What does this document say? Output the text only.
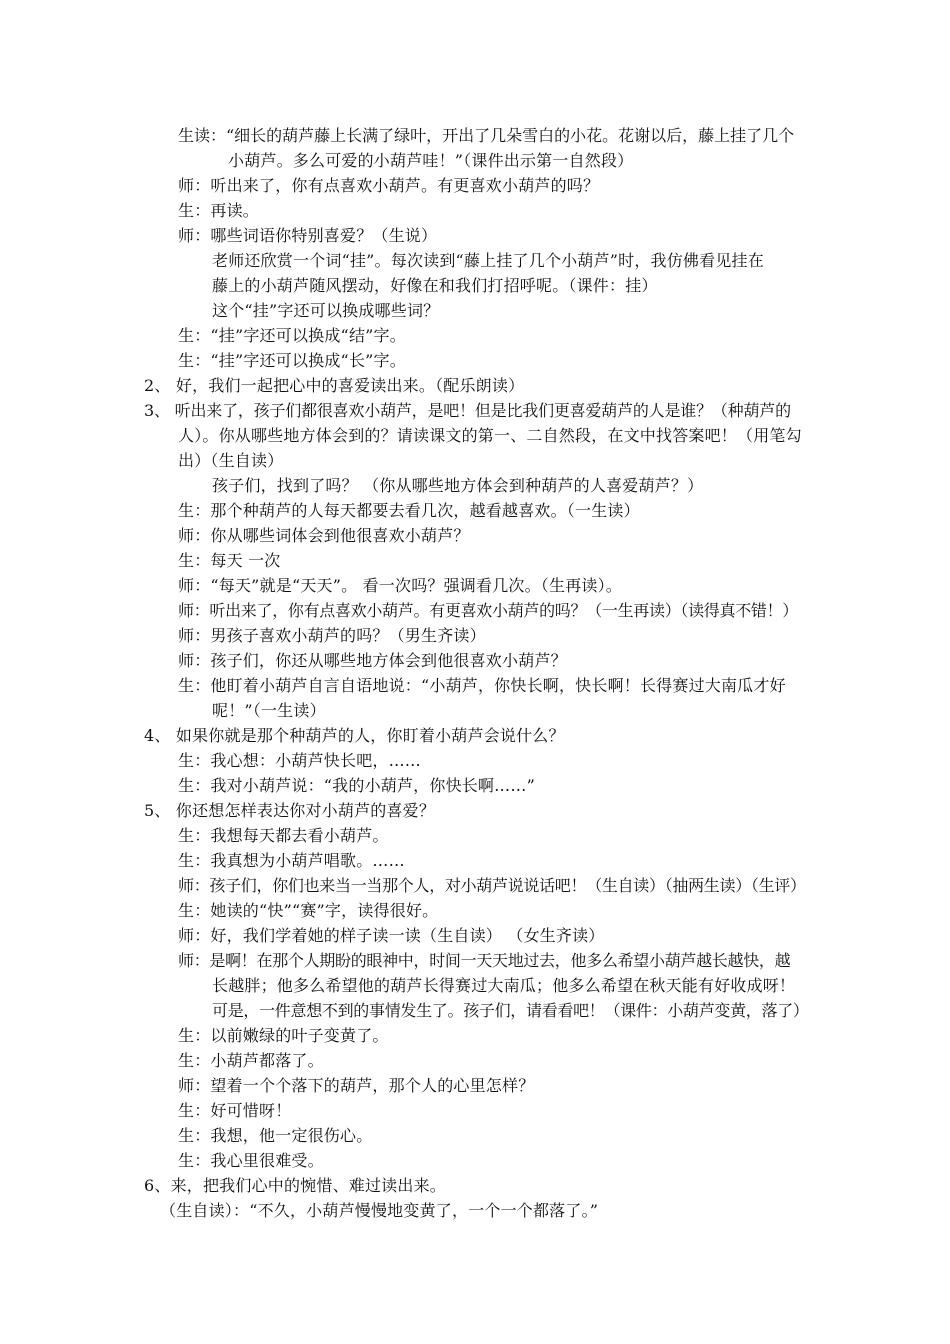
生读：“细长的葫芦藤上长满了绿叶，开出了几朵雪白的小花。花谢以后，藤上挂了几个
小葫芦。多么可爱的小葫芦哇！”（课件出示第一自然段）
师：听出来了，你有点喜欢小葫芦。有更喜欢小葫芦的吗？
生：再读。
师：哪些词语你特别喜爱？（生说）
老师还欣赏一个词“挂”。每次读到“藤上挂了几个小葫芦”时，我仿佛看见挂在
藤上的小葫芦随风摆动，好像在和我们打招呼呢。（课件：挂）
这个“挂”字还可以换成哪些词？
生：“挂”字还可以换成“结”字。
生：“挂”字还可以换成“长”字。
2、 好，我们一起把心中的喜爱读出来。（配乐朗读）
3、 听出来了，孩子们都很喜欢小葫芦，是吧！但是比我们更喜爱葫芦的人是谁？（种葫芦的
人）。你从哪些地方体会到的？请读课文的第一、二自然段，在文中找答案吧！（用笔勾
出）（生自读）
孩子们，找到了吗？ （你从哪些地方体会到种葫芦的人喜爱葫芦？）
生：那个种葫芦的人每天都要去看几次，越看越喜欢。（一生读）
师：你从哪些词体会到他很喜欢小葫芦？
生：每天 一次
师：“每天”就是“天天”。 看一次吗？强调看几次。（生再读）。
师：听出来了，你有点喜欢小葫芦。有更喜欢小葫芦的吗？（一生再读）（读得真不错！）
师：男孩子喜欢小葫芦的吗？（男生齐读）
师：孩子们，你还从哪些地方体会到他很喜欢小葫芦？
生：他盯着小葫芦自言自语地说：“小葫芦，你快长啊，快长啊！长得赛过大南瓜才好
呢！”（一生读）
4、 如果你就是那个种葫芦的人，你盯着小葫芦会说什么？
生：我心想：小葫芦快长吧，……
生：我对小葫芦说：“我的小葫芦，你快长啊……”
5、 你还想怎样表达你对小葫芦的喜爱？
生：我想每天都去看小葫芦。
生：我真想为小葫芦唱歌。……
师：孩子们，你们也来当一当那个人，对小葫芦说说话吧！（生自读）（抽两生读）（生评）
生：她读的“快”“赛”字，读得很好。
师：好，我们学着她的样子读一读（生自读） （女生齐读）
师：是啊！在那个人期盼的眼神中，时间一天天地过去，他多么希望小葫芦越长越快，越
长越胖；他多么希望他的葫芦长得赛过大南瓜；他多么希望在秋天能有好收成呀！
可是，一件意想不到的事情发生了。孩子们，请看看吧！（课件：小葫芦变黄，落了）
生：以前嫩绿的叶子变黄了。
生：小葫芦都落了。
师：望着一个个落下的葫芦，那个人的心里怎样？
生：好可惜呀！
生：我想，他一定很伤心。
生：我心里很难受。
6、来，把我们心中的惋惜、难过读出来。
（生自读）：“不久，小葫芦慢慢地变黄了，一个一个都落了。”
